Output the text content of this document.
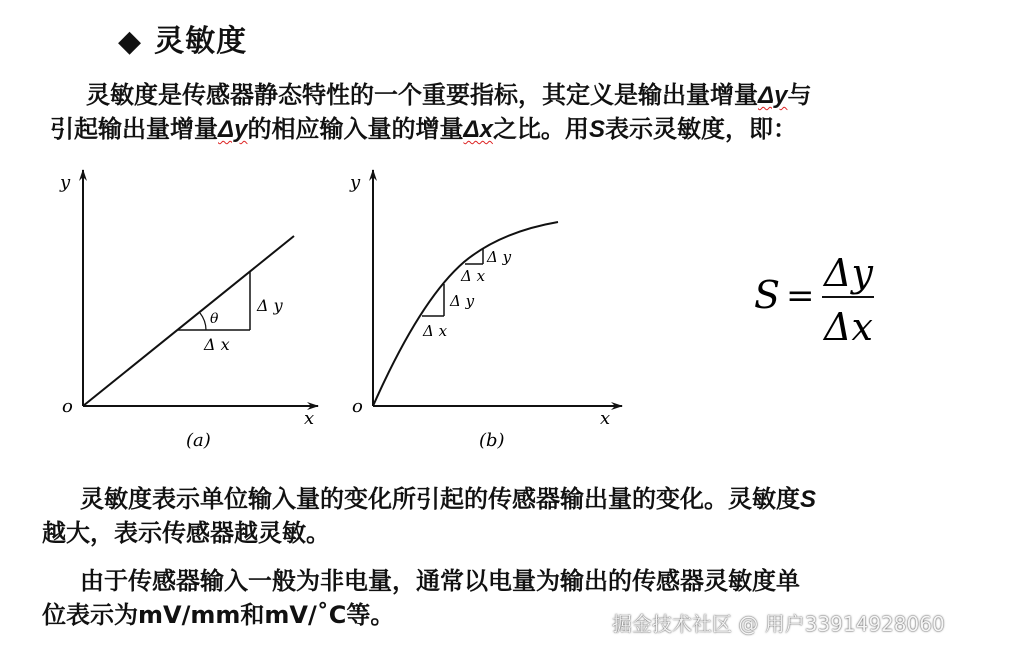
◆ 灵敏度
灵敏度是传感器静态特性的一个重要指标，其定义是输出量增量Δy与
引起输出量增量Δy的相应输入量的增量Δx之比。用S表示灵敏度，即：
y
x
o
θ
Δ y
Δ x
(a)
y
x
o
Δ y
Δ x
Δ y
Δ x
(b)
S =
Δy
Δx
灵敏度表示单位输入量的变化所引起的传感器输出量的变化。灵敏度S
越大，表示传感器越灵敏。
由于传感器输入一般为非电量，通常以电量为输出的传感器灵敏度单
位表示为mV/mm和mV/˚C等。	掘金技术社区 @ 用户33914928060
